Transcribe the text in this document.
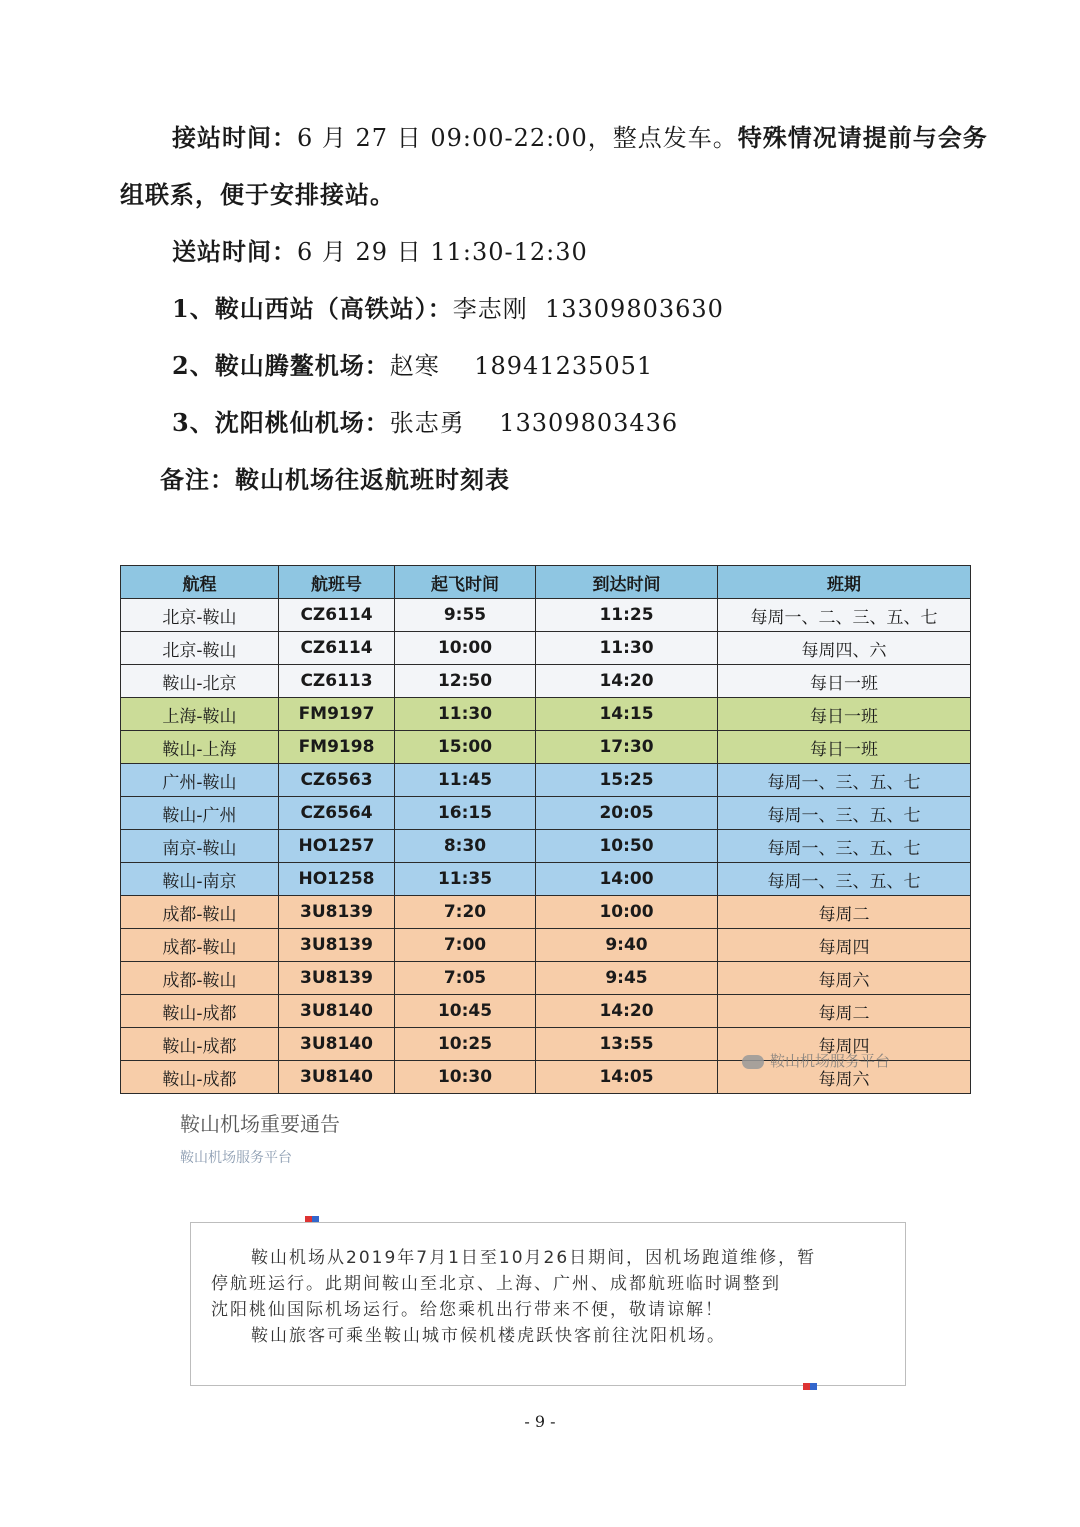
接站时间：6 月 27 日 09:00-22:00，整点发车。特殊情况请提前与会务
组联系，便于安排接站。
送站时间：6 月 29 日 11:30-12:30
1、鞍山西站（高铁站）：李志刚 13309803630
2、鞍山腾鳌机场：赵寒 18941235051
3、沈阳桃仙机场：张志勇 13309803436
备注：鞍山机场往返航班时刻表
航程	航班号	起飞时间	到达时间	班期
北京-鞍山	CZ6114	9:55	11:25	每周一、二、三、五、七
北京-鞍山	CZ6114	10:00	11:30	每周四、六
鞍山-北京	CZ6113	12:50	14:20	每日一班
上海-鞍山	FM9197	11:30	14:15	每日一班
鞍山-上海	FM9198	15:00	17:30	每日一班
广州-鞍山	CZ6563	11:45	15:25	每周一、三、五、七
鞍山-广州	CZ6564	16:15	20:05	每周一、三、五、七
南京-鞍山	HO1257	8:30	10:50	每周一、三、五、七
鞍山-南京	HO1258	11:35	14:00	每周一、三、五、七
成都-鞍山	3U8139	7:20	10:00	每周二
成都-鞍山	3U8139	7:00	9:40	每周四
成都-鞍山	3U8139	7:05	9:45	每周六
鞍山-成都	3U8140	10:45	14:20	每周二
鞍山-成都	3U8140	10:25	13:55	每周四
鞍山-成都	3U8140	10:30	14:05	每周六
鞍山机场服务平台
鞍山机场重要通告
鞍山机场服务平台
鞍山机场从2019年7月1日至10月26日期间，因机场跑道维修，暂
停航班运行。此期间鞍山至北京、上海、广州、成都航班临时调整到
沈阳桃仙国际机场运行。给您乘机出行带来不便，敬请谅解！
鞍山旅客可乘坐鞍山城市候机楼虎跃快客前往沈阳机场。
- 9 -
